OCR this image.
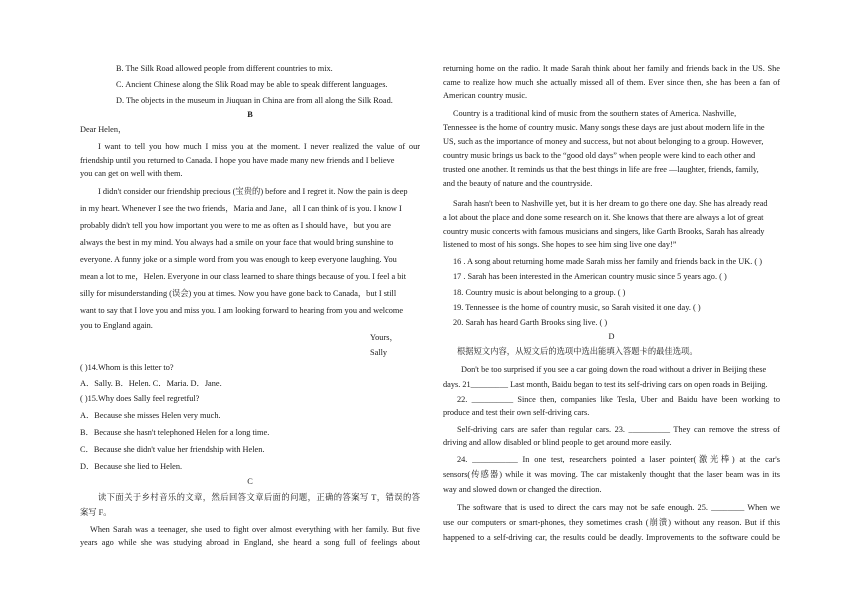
B. The Silk Road allowed people from different countries to mix.
C. Ancient Chinese along the Slik Road may be able to speak different languages.
D. The objects in the museum in Jiuquan in China are from all along the Silk Road.
B
Dear Helen，
I want to tell you how much I miss you at the moment. I never realized the value of our
friendship until you returned to Canada. I hope you have made many new friends and I believe
you can get on well with them.
I didn't consider our friendship precious (宝贵的) before and I regret it. Now the pain is deep
in my heart. Whenever I see the two friends，Maria and Jane，all I can think of is you. I know I
probably didn't tell you how important you were to me as often as I should have，but you are
always the best in my mind. You always had a smile on your face that would bring sunshine to
everyone. A funny joke or a simple word from you was enough to keep everyone laughing. You
mean a lot to me，Helen. Everyone in our class learned to share things because of you. I feel a bit
silly for misunderstanding (误会) you at times. Now you have gone back to Canada，but I still
want to say that I love you and miss you. I am looking forward to hearing from you and welcome
you to England again.
Yours，
Sally
( )14.Whom is this letter to?
A．Sally. B．Helen. C．Maria. D．Jane.
( )15.Why does Sally feel regretful?
A．Because she misses Helen very much.
B．Because she hasn't telephoned Helen for a long time.
C．Because she didn't value her friendship with Helen.
D．Because she lied to Helen.
C
读下面关于乡村音乐的文章，然后回答文章后面的问题，正确的答案写 T，错误的答
案写 F。
When Sarah was a teenager, she used to fight over almost everything with her family. But five
years ago while she was studying abroad in England, she heard a song full of feelings about
returning home on the radio. It made Sarah think about her family and friends back in the US. She
came to realize how much she actually missed all of them. Ever since then, she has been a fan of
American country music.
Country is a traditional kind of music from the southern states of America. Nashville,
Tennessee is the home of country music. Many songs these days are just about modern life in the
US, such as the importance of money and success, but not about belonging to a group. However,
country music brings us back to the “good old days” when people were kind to each other and
trusted one another. It reminds us that the best things in life are free —laughter, friends, family,
and the beauty of nature and the countryside.
Sarah hasn't been to Nashville yet, but it is her dream to go there one day. She has already read
a lot about the place and done some research on it. She knows that there are always a lot of great
country music concerts with famous musicians and singers, like Garth Brooks, Sarah has already
listened to most of his songs. She hopes to see him sing live one day!”
16 . A song about returning home made Sarah miss her family and friends back in the UK. ( )
17 . Sarah has been interested in the American country music since 5 years ago. ( )
18. Country music is about belonging to a group. ( )
19. Tennessee is the home of country music, so Sarah visited it one day. ( )
20. Sarah has heard Garth Brooks sing live. ( )
D
根据短文内容，从短文后的选项中选出能填入答题卡的最佳选项。
Don't be too surprised if you see a car going down the road without a driver in Beijing these
days. 21_________ Last month, Baidu began to test its self-driving cars on open roads in Beijing.
22. __________ Since then, companies like Tesla, Uber and Baidu have been working to
produce and test their own self-driving cars.
Self-driving cars are safer than regular cars. 23. __________ They can remove the stress of
driving and allow disabled or blind people to get around more easily.
24. ___________ In one test, researchers pointed a laser pointer(激光棒) at the car's
sensors(传感器) while it was moving. The car mistakenly thought that the laser beam was in its
way and slowed down or changed the direction.
The software that is used to direct the cars may not be safe enough. 25. ________ When we
use our computers or smart-phones, they sometimes crash (崩溃) without any reason. But if this
happened to a self-driving car, the results could be deadly. Improvements to the software could be
